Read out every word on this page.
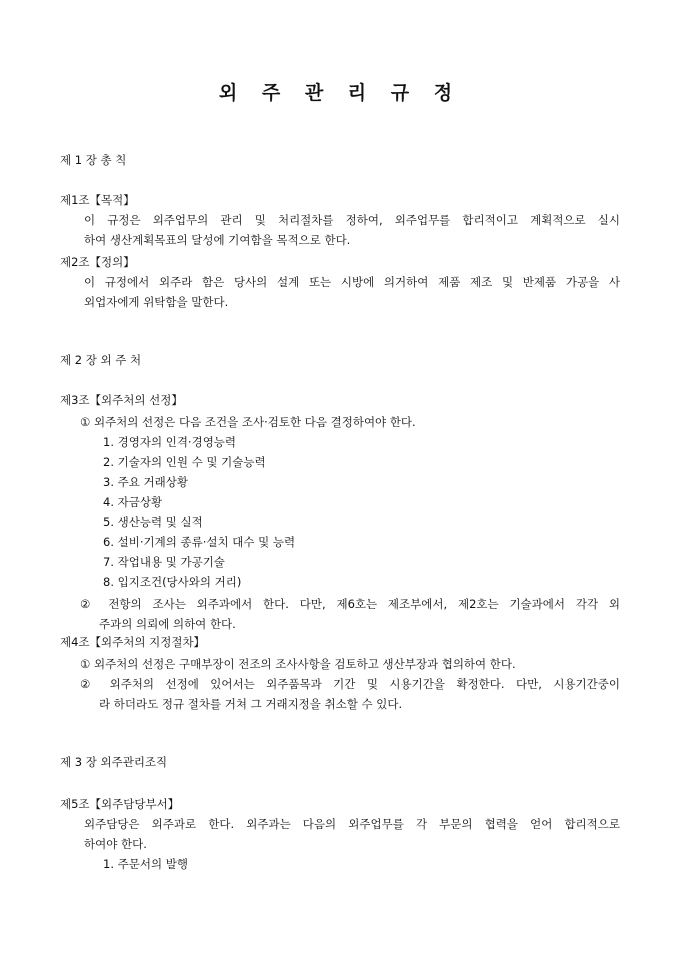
외 주 관 리 규 정
제 1 장 총 칙
제1조【목적】
이 규정은 외주업무의 관리 및 처리절차를 정하여, 외주업무를 합리적이고 계획적으로 실시
하여 생산계획목표의 달성에 기여함을 목적으로 한다.
제2조【정의】
이 규정에서 외주라 함은 당사의 설계 또는 시방에 의거하여 제품 제조 및 반제품 가공을 사
외업자에게 위탁함을 말한다.
제 2 장 외 주 처
제3조【외주처의 선정】
① 외주처의 선정은 다음 조건을 조사·검토한 다음 결정하여야 한다.
1. 경영자의 인격·경영능력
2. 기술자의 인원 수 및 기술능력
3. 주요 거래상황
4. 자금상황
5. 생산능력 및 실적
6. 설비·기계의 종류·설치 대수 및 능력
7. 작업내용 및 가공기술
8. 입지조건(당사와의 거리)
② 전항의 조사는 외주과에서 한다. 다만, 제6호는 제조부에서, 제2호는 기술과에서 각각 외
주과의 의뢰에 의하여 한다.
제4조【외주처의 지정절차】
① 외주처의 선정은 구매부장이 전조의 조사사항을 검토하고 생산부장과 협의하여 한다.
② 외주처의 선정에 있어서는 외주품목과 기간 및 시용기간을 확정한다. 다만, 시용기간중이
라 하더라도 정규 절차를 거쳐 그 거래지정을 취소할 수 있다.
제 3 장 외주관리조직
제5조【외주담당부서】
외주담당은 외주과로 한다. 외주과는 다음의 외주업무를 각 부문의 협력을 얻어 합리적으로
하여야 한다.
1. 주문서의 발행
